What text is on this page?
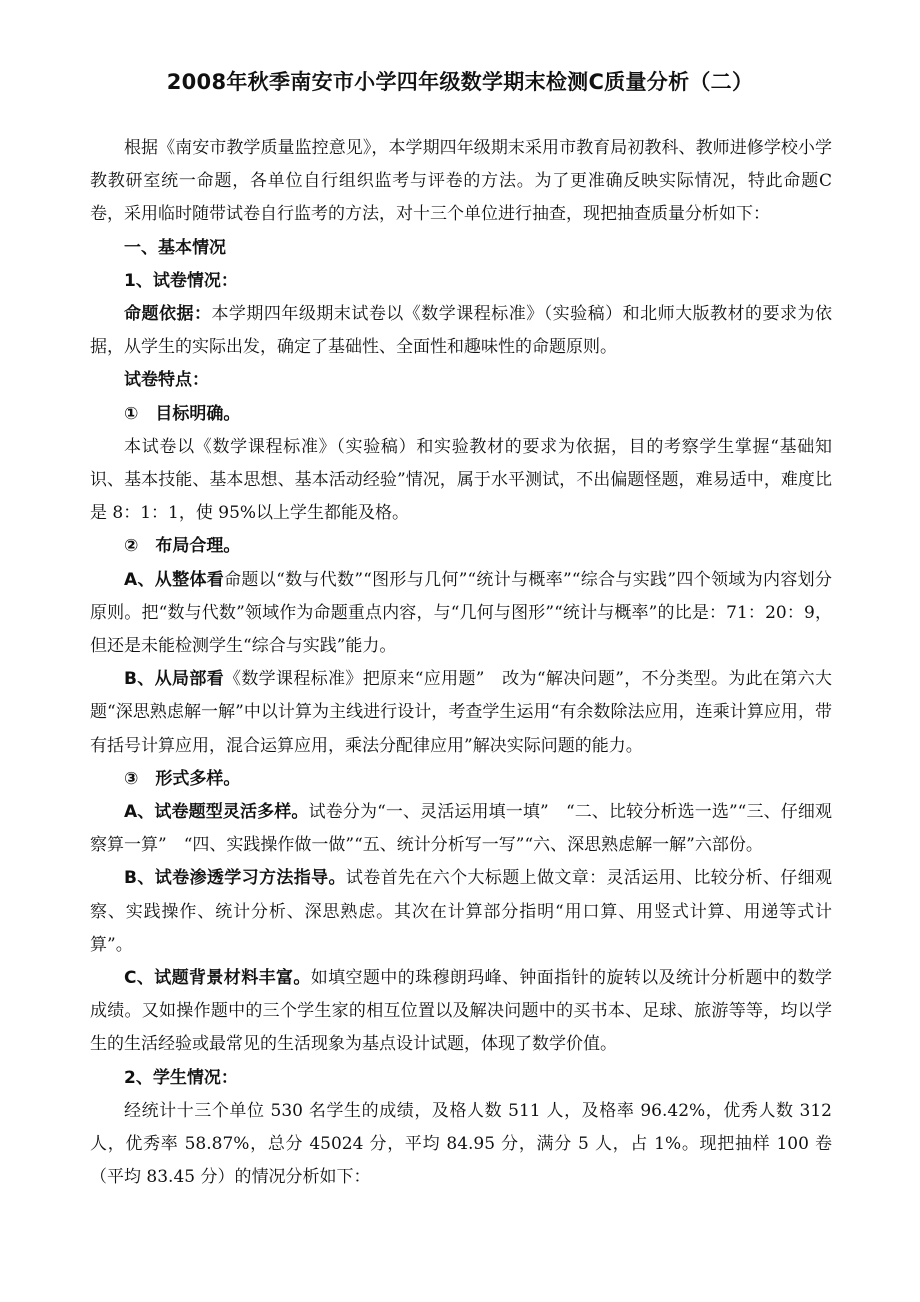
2008年秋季南安市小学四年级数学期末检测C质量分析（二）

根据《南安市教学质量监控意见》，本学期四年级期末采用市教育局初教科、教师进修学校小学教教研室统一命题，各单位自行组织监考与评卷的方法。为了更准确反映实际情况，特此命题C卷，采用临时随带试卷自行监考的方法，对十三个单位进行抽查，现把抽查质量分析如下：

一、基本情况

1、试卷情况：

命题依据：本学期四年级期末试卷以《数学课程标准》（实验稿）和北师大版教材的要求为依据，从学生的实际出发，确定了基础性、全面性和趣味性的命题原则。

试卷特点：

①　目标明确。

本试卷以《数学课程标准》（实验稿）和实验教材的要求为依据，目的考察学生掌握“基础知识、基本技能、基本思想、基本活动经验”情况，属于水平测试，不出偏题怪题，难易适中，难度比是 8：1：1，使 95%以上学生都能及格。

②　布局合理。

A、从整体看命题以“数与代数”“图形与几何”“统计与概率”“综合与实践”四个领域为内容划分原则。把“数与代数”领域作为命题重点内容，与“几何与图形”“统计与概率”的比是：71：20：9，但还是未能检测学生“综合与实践”能力。

B、从局部看《数学课程标准》把原来“应用题”　改为“解决问题”，不分类型。为此在第六大题“深思熟虑解一解”中以计算为主线进行设计，考查学生运用“有余数除法应用，连乘计算应用，带有括号计算应用，混合运算应用，乘法分配律应用”解决实际问题的能力。

③　形式多样。

A、试卷题型灵活多样。试卷分为“一、灵活运用填一填”　“二、比较分析选一选”“三、仔细观察算一算”　“四、实践操作做一做”“五、统计分析写一写”“六、深思熟虑解一解”六部份。

B、试卷渗透学习方法指导。试卷首先在六个大标题上做文章：灵活运用、比较分析、仔细观察、实践操作、统计分析、深思熟虑。其次在计算部分指明“用口算、用竖式计算、用递等式计算”。

C、试题背景材料丰富。如填空题中的珠穆朗玛峰、钟面指针的旋转以及统计分析题中的数学成绩。又如操作题中的三个学生家的相互位置以及解决问题中的买书本、足球、旅游等等，均以学生的生活经验或最常见的生活现象为基点设计试题，体现了数学价值。

2、学生情况：

经统计十三个单位 530 名学生的成绩，及格人数 511 人，及格率 96.42%，优秀人数 312 人，优秀率 58.87%，总分 45024 分，平均 84.95 分，满分 5 人，占 1%。现把抽样 100 卷（平均 83.45 分）的情况分析如下：
